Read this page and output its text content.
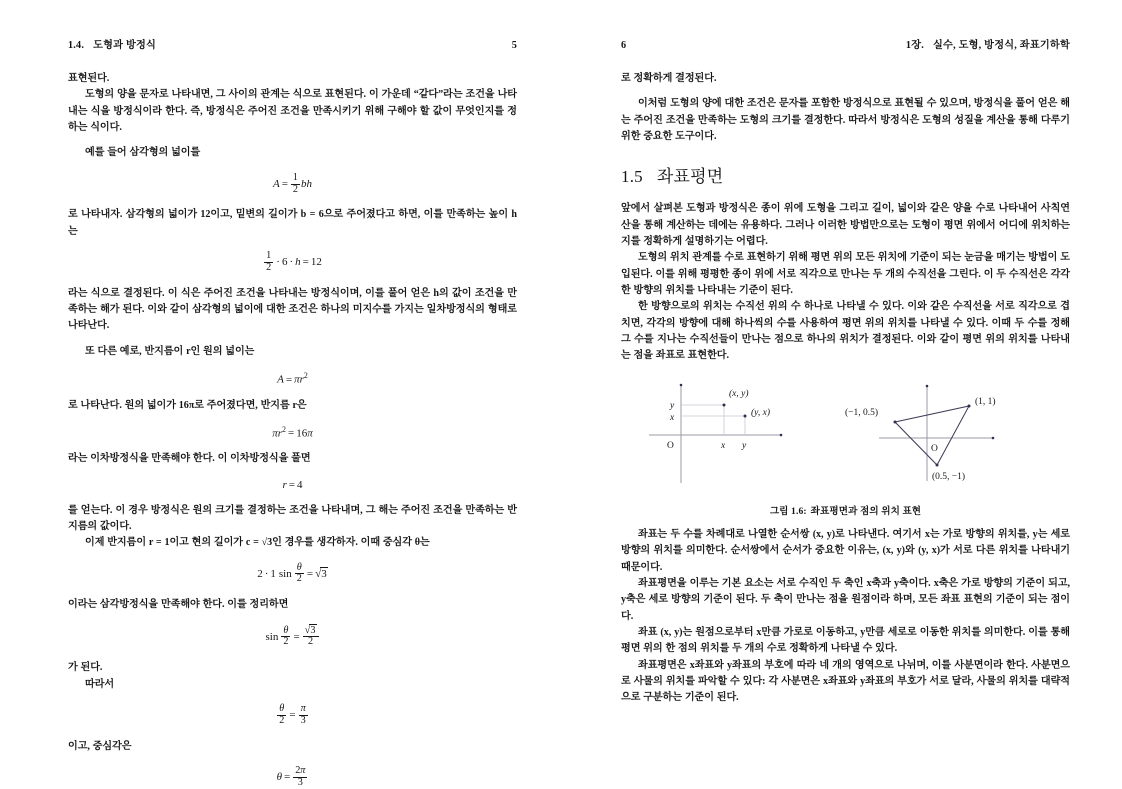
1.4. 도형과 방정식	5

표현된다.

도형의 양을 문자로 나타내면, 그 사이의 관계는 식으로 표현된다. 이 가운데 “같다”라는 조건을 나타내는 식을 방정식이라 한다. 즉, 방정식은 주어진 조건을 만족시키기 위해 구해야 할 값이 무엇인지를 정하는 식이다.

예를 들어 삼각형의 넓이를

$A = \frac{1}{2}$ bh

로 나타내자. 삼각형의 넓이가 12이고, 밑변의 길이가 b = 6으로 주어졌다고 하면, 이를 만족하는 높이 h는

$\frac{1}{2} \cdot 6 \cdot h = 12$

라는 식으로 결정된다. 이 식은 주어진 조건을 나타내는 방정식이며, 이를 풀어 얻은 h의 값이 조건을 만족하는 해가 된다. 이와 같이 삼각형의 넓이에 대한 조건은 하나의 미지수를 가지는 일차방정식의 형태로 나타난다.

또 다른 예로, 반지름이 r인 원의 넓이는

$A = \pi r^2$

로 나타난다. 원의 넓이가 16π로 주어졌다면, 반지름 r은

$\pi r^2 = 16\pi$

라는 이차방정식을 만족해야 한다. 이 이차방정식을 풀면

r = 4

를 얻는다. 이 경우 방정식은 원의 크기를 결정하는 조건을 나타내며, 그 해는 주어진 조건을 만족하는 반지름의 값이다.

이제 반지름이 r = 1이고 현의 길이가 c = √3인 경우를 생각하자. 이때 중심각 θ는

2 · 1 $\sin \frac{\theta}{2} = √3$

이라는 삼각방정식을 만족해야 한다. 이를 정리하면

$\sin \frac{\theta}{2} = \frac{√3}{2}$

가 된다.

따라서

$\frac{\theta}{2} = \frac{\pi}{3}$

이고, 중심각은

$\theta = \frac{2\pi}{3}$
6	1장. 실수, 도형, 방정식, 좌표기하학

로 정확하게 결정된다.

이처럼 도형의 양에 대한 조건은 문자를 포함한 방정식으로 표현될 수 있으며, 방정식을 풀어 얻은 해는 주어진 조건을 만족하는 도형의 크기를 결정한다. 따라서 방정식은 도형의 성질을 계산을 통해 다루기 위한 중요한 도구이다.

1.5 좌표평면

앞에서 살펴본 도형과 방정식은 종이 위에 도형을 그리고 길이, 넓이와 같은 양을 수로 나타내어 사칙연산을 통해 계산하는 데에는 유용하다. 그러나 이러한 방법만으로는 도형이 평면 위에서 어디에 위치하는지를 정확하게 설명하기는 어렵다.

도형의 위치 관계를 수로 표현하기 위해 평면 위의 모든 위치에 기준이 되는 눈금을 매기는 방법이 도입된다. 이를 위해 평평한 종이 위에 서로 직각으로 만나는 두 개의 수직선을 그린다. 이 두 수직선은 각각 한 방향의 위치를 나타내는 기준이 된다.

한 방향으로의 위치는 수직선 위의 수 하나로 나타낼 수 있다. 이와 같은 수직선을 서로 직각으로 겹치면, 각각의 방향에 대해 하나씩의 수를 사용하여 평면 위의 위치를 나타낼 수 있다. 이때 두 수를 정해 그 수를 지나는 수직선들이 만나는 점으로 하나의 위치가 결정된다. 이와 같이 평면 위의 위치를 나타내는 점을 좌표로 표현한다.

(x, y)
(y, x)
y
x
x y
O
(−1, 0.5)
(1, 1)
(0.5, −1)
O
그림 1.6: 좌표평면과 점의 위치 표현

좌표는 두 수를 차례대로 나열한 순서쌍 (x, y)로 나타낸다. 여기서 x는 가로 방향의 위치를, y는 세로 방향의 위치를 의미한다. 순서쌍에서 순서가 중요한 이유는, (x, y)와 (y, x)가 서로 다른 위치를 나타내기 때문이다.

좌표평면을 이루는 기본 요소는 서로 수직인 두 축인 x축과 y축이다. x축은 가로 방향의 기준이 되고, y축은 세로 방향의 기준이 된다. 두 축이 만나는 점을 원점이라 하며, 모든 좌표 표현의 기준이 되는 점이다.

좌표 (x, y)는 원점으로부터 x만큼 가로로 이동하고, y만큼 세로로 이동한 위치를 의미한다. 이를 통해 평면 위의 한 점의 위치를 두 개의 수로 정확하게 나타낼 수 있다.

좌표평면은 x좌표와 y좌표의 부호에 따라 네 개의 영역으로 나뉘며, 이를 사분면이라 한다. 사분면으로 사물의 위치를 파악할 수 있다: 각 사분면은 x좌표와 y좌표의 부호가 서로 달라, 사물의 위치를 대략적으로 구분하는 기준이 된다.
